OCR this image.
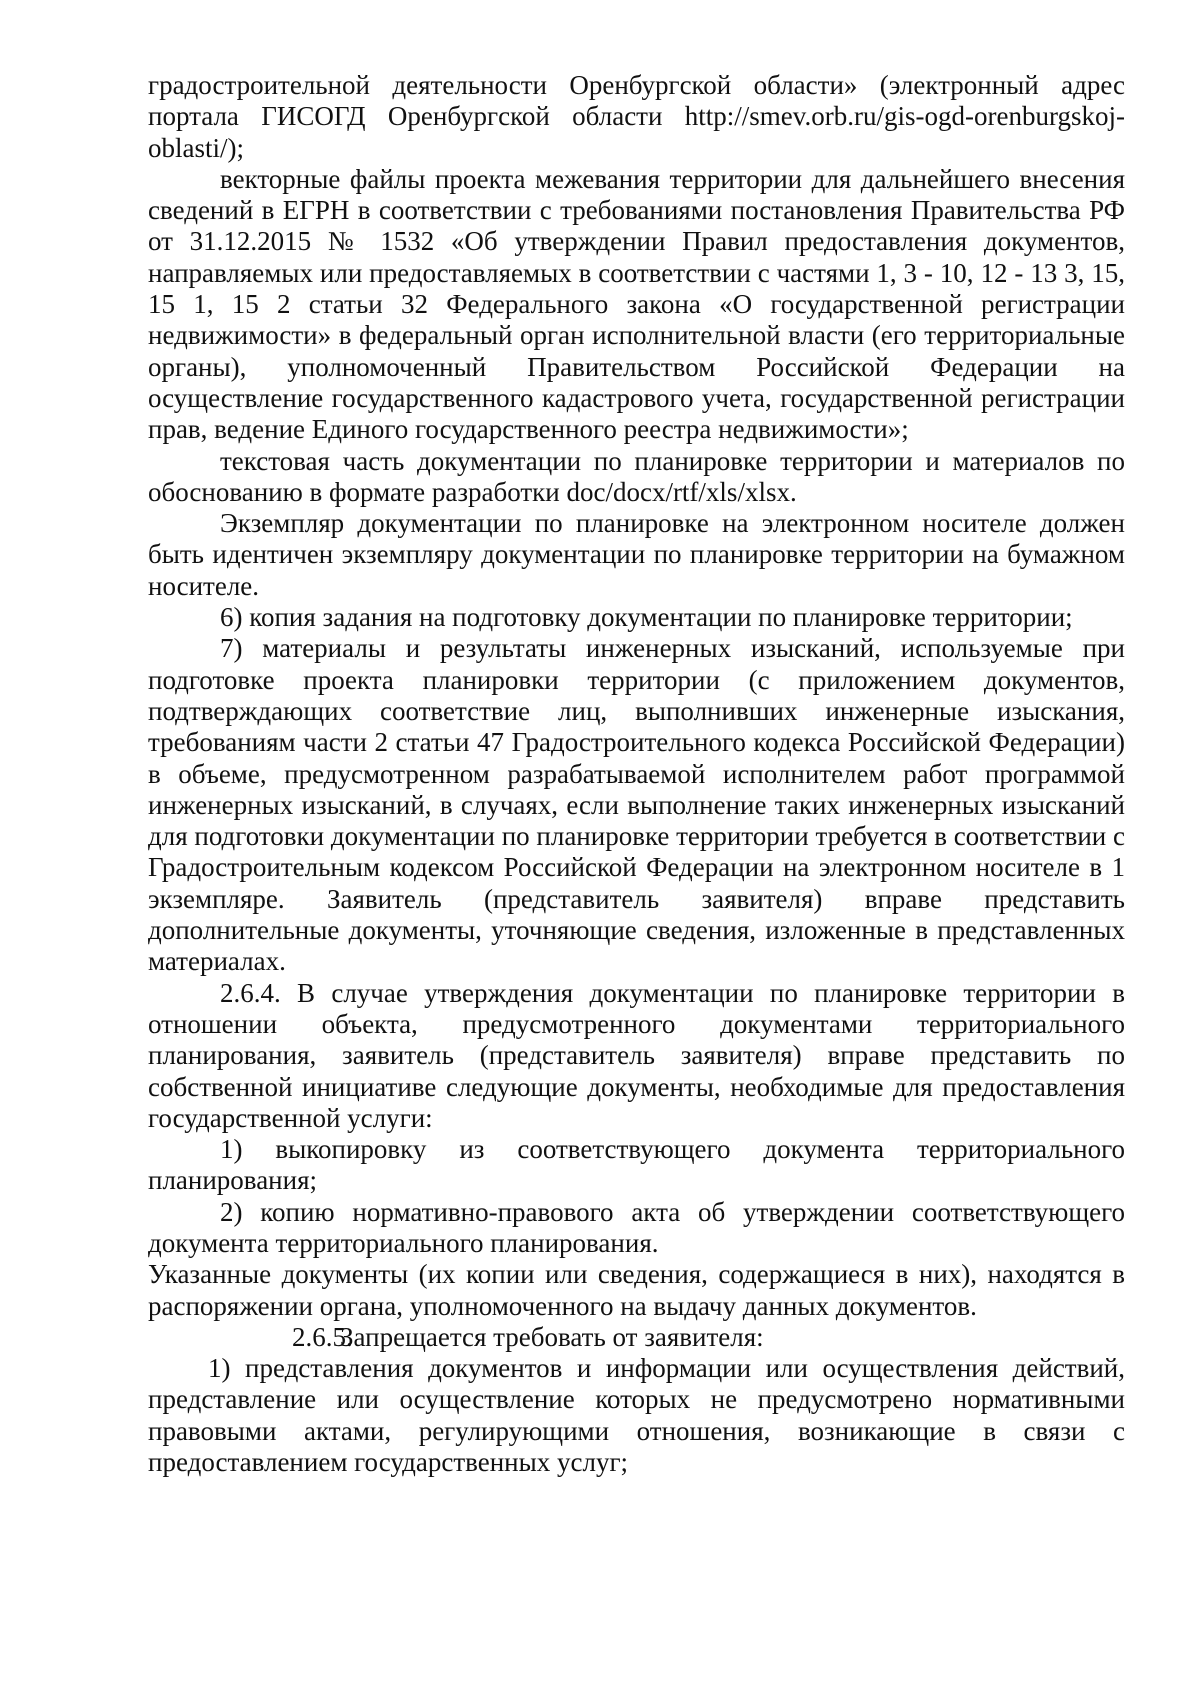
градостроительной деятельности Оренбургской области» (электронный адрес портала ГИСОГД Оренбургской области http://smev.orb.ru/gis-ogd-orenburgskoj-oblasti/);

векторные файлы проекта межевания территории для дальнейшего внесения сведений в ЕГРН в соответствии с требованиями постановления Правительства РФ от 31.12.2015 № 1532 «Об утверждении Правил предоставления документов, направляемых или предоставляемых в соответствии с частями 1, 3 - 10, 12 - 13 3, 15, 15 1, 15 2 статьи 32 Федерального закона «О государственной регистрации недвижимости» в федеральный орган исполнительной власти (его территориальные органы), уполномоченный Правительством Российской Федерации на осуществление государственного кадастрового учета, государственной регистрации прав, ведение Единого государственного реестра недвижимости»;

текстовая часть документации по планировке территории и материалов по обоснованию в формате разработки doc/docx/rtf/xls/xlsx.

Экземпляр документации по планировке на электронном носителе должен быть идентичен экземпляру документации по планировке территории на бумажном носителе.

6) копия задания на подготовку документации по планировке территории;

7) материалы и результаты инженерных изысканий, используемые при подготовке проекта планировки территории (с приложением документов, подтверждающих соответствие лиц, выполнивших инженерные изыскания, требованиям части 2 статьи 47 Градостроительного кодекса Российской Федерации) в объеме, предусмотренном разрабатываемой исполнителем работ программой инженерных изысканий, в случаях, если выполнение таких инженерных изысканий для подготовки документации по планировке территории требуется в соответствии с Градостроительным кодексом Российской Федерации на электронном носителе в 1 экземпляре. Заявитель (представитель заявителя) вправе представить дополнительные документы, уточняющие сведения, изложенные в представленных материалах.

2.6.4. В случае утверждения документации по планировке территории в отношении объекта, предусмотренного документами территориального планирования, заявитель (представитель заявителя) вправе представить по собственной инициативе следующие документы, необходимые для предоставления государственной услуги:

1) выкопировку из соответствующего документа территориального планирования;

2) копию нормативно-правового акта об утверждении соответствующего документа территориального планирования.

Указанные документы (их копии или сведения, содержащиеся в них), находятся в распоряжении органа, уполномоченного на выдачу данных документов.

2.6.5.Запрещается требовать от заявителя:

1) представления документов и информации или осуществления действий, представление или осуществление которых не предусмотрено нормативными правовыми актами, регулирующими отношения, возникающие в связи с предоставлением государственных услуг;
